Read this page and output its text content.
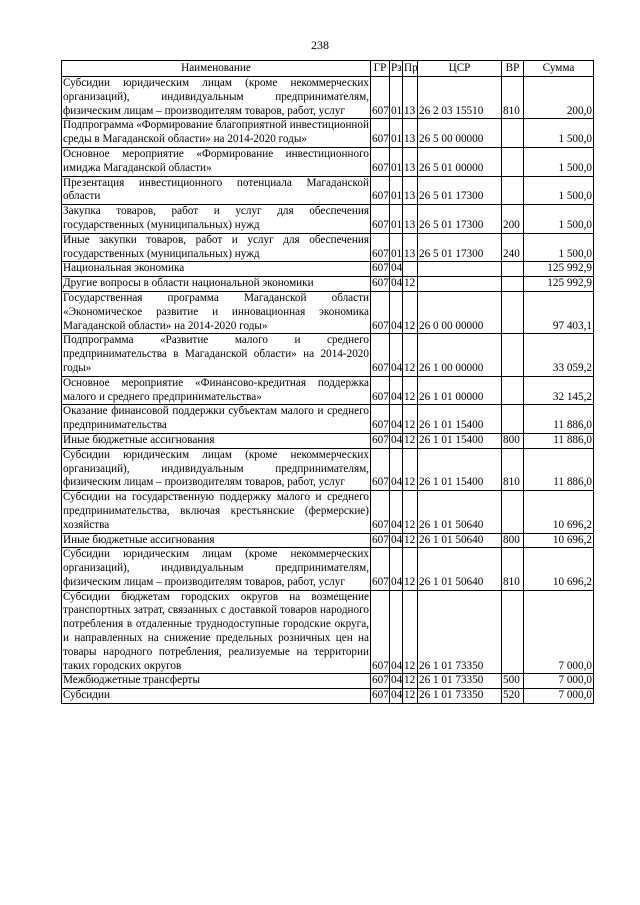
238
Наименование	ГР	Рз	Пр	ЦСР	ВР	Сумма
Субсидии юридическим лицам (кроме некоммерческих организаций), индивидуальным предпринимателям, физическим лицам – производителям товаров, работ, услуг	607	01	13	26 2 03 15510	810	200,0
Подпрограмма «Формирование благоприятной инвестиционной среды в Магаданской области» на 2014-2020 годы»	607	01	13	26 5 00 00000		1 500,0
Основное мероприятие «Формирование инвестиционного имиджа Магаданской области»	607	01	13	26 5 01 00000		1 500,0
Презентация инвестиционного потенциала Магаданской области	607	01	13	26 5 01 17300		1 500,0
Закупка товаров, работ и услуг для обеспечения государственных (муниципальных) нужд	607	01	13	26 5 01 17300	200	1 500,0
Иные закупки товаров, работ и услуг для обеспечения государственных (муниципальных) нужд	607	01	13	26 5 01 17300	240	1 500,0
Национальная экономика	607	04				125 992,9
Другие вопросы в области национальной экономики	607	04	12			125 992,9
Государственная программа Магаданской области «Экономическое развитие и инновационная экономика Магаданской области» на 2014-2020 годы»	607	04	12	26 0 00 00000		97 403,1
Подпрограмма «Развитие малого и среднего предпринимательства в Магаданской области» на 2014-2020 годы»	607	04	12	26 1 00 00000		33 059,2
Основное мероприятие «Финансово-кредитная поддержка малого и среднего предпринимательства»	607	04	12	26 1 01 00000		32 145,2
Оказание финансовой поддержки субъектам малого и среднего предпринимательства	607	04	12	26 1 01 15400		11 886,0
Иные бюджетные ассигнования	607	04	12	26 1 01 15400	800	11 886,0
Субсидии юридическим лицам (кроме некоммерческих организаций), индивидуальным предпринимателям, физическим лицам – производителям товаров, работ, услуг	607	04	12	26 1 01 15400	810	11 886,0
Субсидии на государственную поддержку малого и среднего предпринимательства, включая крестьянские (фермерские) хозяйства	607	04	12	26 1 01 50640		10 696,2
Иные бюджетные ассигнования	607	04	12	26 1 01 50640	800	10 696,2
Субсидии юридическим лицам (кроме некоммерческих организаций), индивидуальным предпринимателям, физическим лицам – производителям товаров, работ, услуг	607	04	12	26 1 01 50640	810	10 696,2
Субсидии бюджетам городских округов на возмещение транспортных затрат, связанных с доставкой товаров народного потребления в отдаленные труднодоступные городские округа, и направленных на снижение предельных розничных цен на товары народного потребления, реализуемые на территории таких городских округов	607	04	12	26 1 01 73350		7 000,0
Межбюджетные трансферты	607	04	12	26 1 01 73350	500	7 000,0
Субсидии	607	04	12	26 1 01 73350	520	7 000,0
